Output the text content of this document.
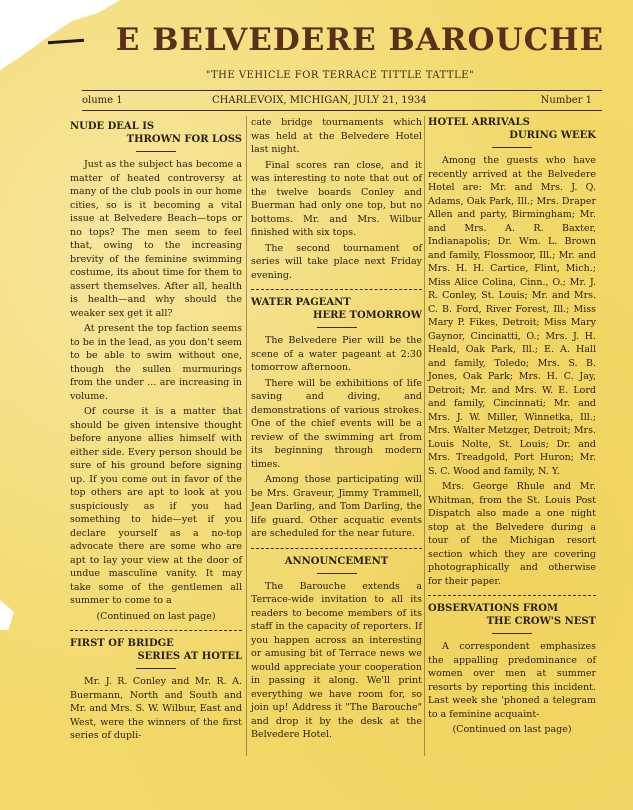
E BELVEDERE BAROUCHE
"THE VEHICLE FOR TERRACE TITTLE TATTLE"
olume 1	CHARLEVOIX, MICHIGAN, JULY 21, 1934	Number 1
NUDE DEAL IS
THROWN FOR LOSS

Just as the subject has become a matter of heated controversy at many of the club pools in our home cities, so is it becoming a vital issue at Belvedere Beach—tops or no tops? The men seem to feel that, owing to the increasing brevity of the feminine swimming costume, its about time for them to assert themselves. After all, health is health—and why should the weaker sex get it all?

At present the top faction seems to be in the lead, as you don't seem to be able to swim without one, though the sullen murmurings from the under ... are increasing in volume.

Of course it is a matter that should be given intensive thought before anyone allies himself with either side. Every person should be sure of his ground before signing up. If you come out in favor of the top others are apt to look at you suspiciously as if you had something to hide—yet if you declare yourself as a no-top advocate there are some who are apt to lay your view at the door of undue masculine vanity. It may take some of the gentlemen all summer to come to a

(Continued on last page)

FIRST OF BRIDGE
SERIES AT HOTEL

Mr. J. R. Conley and Mr. R. A. Buermann, North and South and Mr. and Mrs. S. W. Wilbur, East and West, were the winners of the first series of dupli-

cate bridge tournaments which was held at the Belvedere Hotel last night.

Final scores ran close, and it was interesting to note that out of the twelve boards Conley and Buerman had only one top, but no bottoms. Mr. and Mrs. Wilbur finished with six tops.

The second tournament of series will take place next Friday evening.

WATER PAGEANT
HERE TOMORROW

The Belvedere Pier will be the scene of a water pageant at 2:30 tomorrow afternoon.

There will be exhibitions of life saving and diving, and demonstrations of various strokes. One of the chief events will be a review of the swimming art from its beginning through modern times.

Among those participating will be Mrs. Graveur, Jimmy Trammell, Jean Darling, and Tom Darling, the life guard. Other acquatic events are scheduled for the near future.

ANNOUNCEMENT

The Barouche extends a Terrace-wide invitation to all its readers to become members of its staff in the capacity of reporters. If you happen across an interesting or amusing bit of Terrace news we would appreciate your cooperation in passing it along. We'll print everything we have room for, so join up! Address it "The Barouche" and drop it by the desk at the Belvedere Hotel.

HOTEL ARRIVALS
DURING WEEK

Among the guests who have recently arrived at the Belvedere Hotel are: Mr. and Mrs. J. Q. Adams, Oak Park, Ill.; Mrs. Draper Allen and party, Birmingham; Mr. and Mrs. A. R. Baxter, Indianapolis; Dr. Wm. L. Brown and family, Flossmoor, Ill.; Mr. and Mrs. H. H. Cartice, Flint, Mich.; Miss Alice Colina, Cinn., O.; Mr. J. R. Conley, St. Louis; Mr. and Mrs. C. B. Ford, River Forest, Ill.; Miss Mary P. Fikes, Detroit; Miss Mary Gaynor, Cincinatti, O.; Mrs. J. H. Heald, Oak Park, Ill.; E. A. Hall and family, Toledo; Mrs. S. B. Jones, Oak Park; Mrs. H. C. Jay, Detroit; Mr. and Mrs. W. E. Lord and family, Cincinnati; Mr. and Mrs. J. W. Miller, Winnetka, Ill.; Mrs. Walter Metzger, Detroit; Mrs. Louis Nolte, St. Louis; Dr. and Mrs. Treadgold, Port Huron; Mr. S. C. Wood and family, N. Y.

Mrs. George Rhule and Mr. Whitman, from the St. Louis Post Dispatch also made a one night stop at the Belvedere during a tour of the Michigan resort section which they are covering photographically and otherwise for their paper.

OBSERVATIONS FROM
THE CROW'S NEST

A correspondent emphasizes the appalling predominance of women over men at summer resorts by reporting this incident. Last week she 'phoned a telegram to a feminine acquaint-

(Continued on last page)
